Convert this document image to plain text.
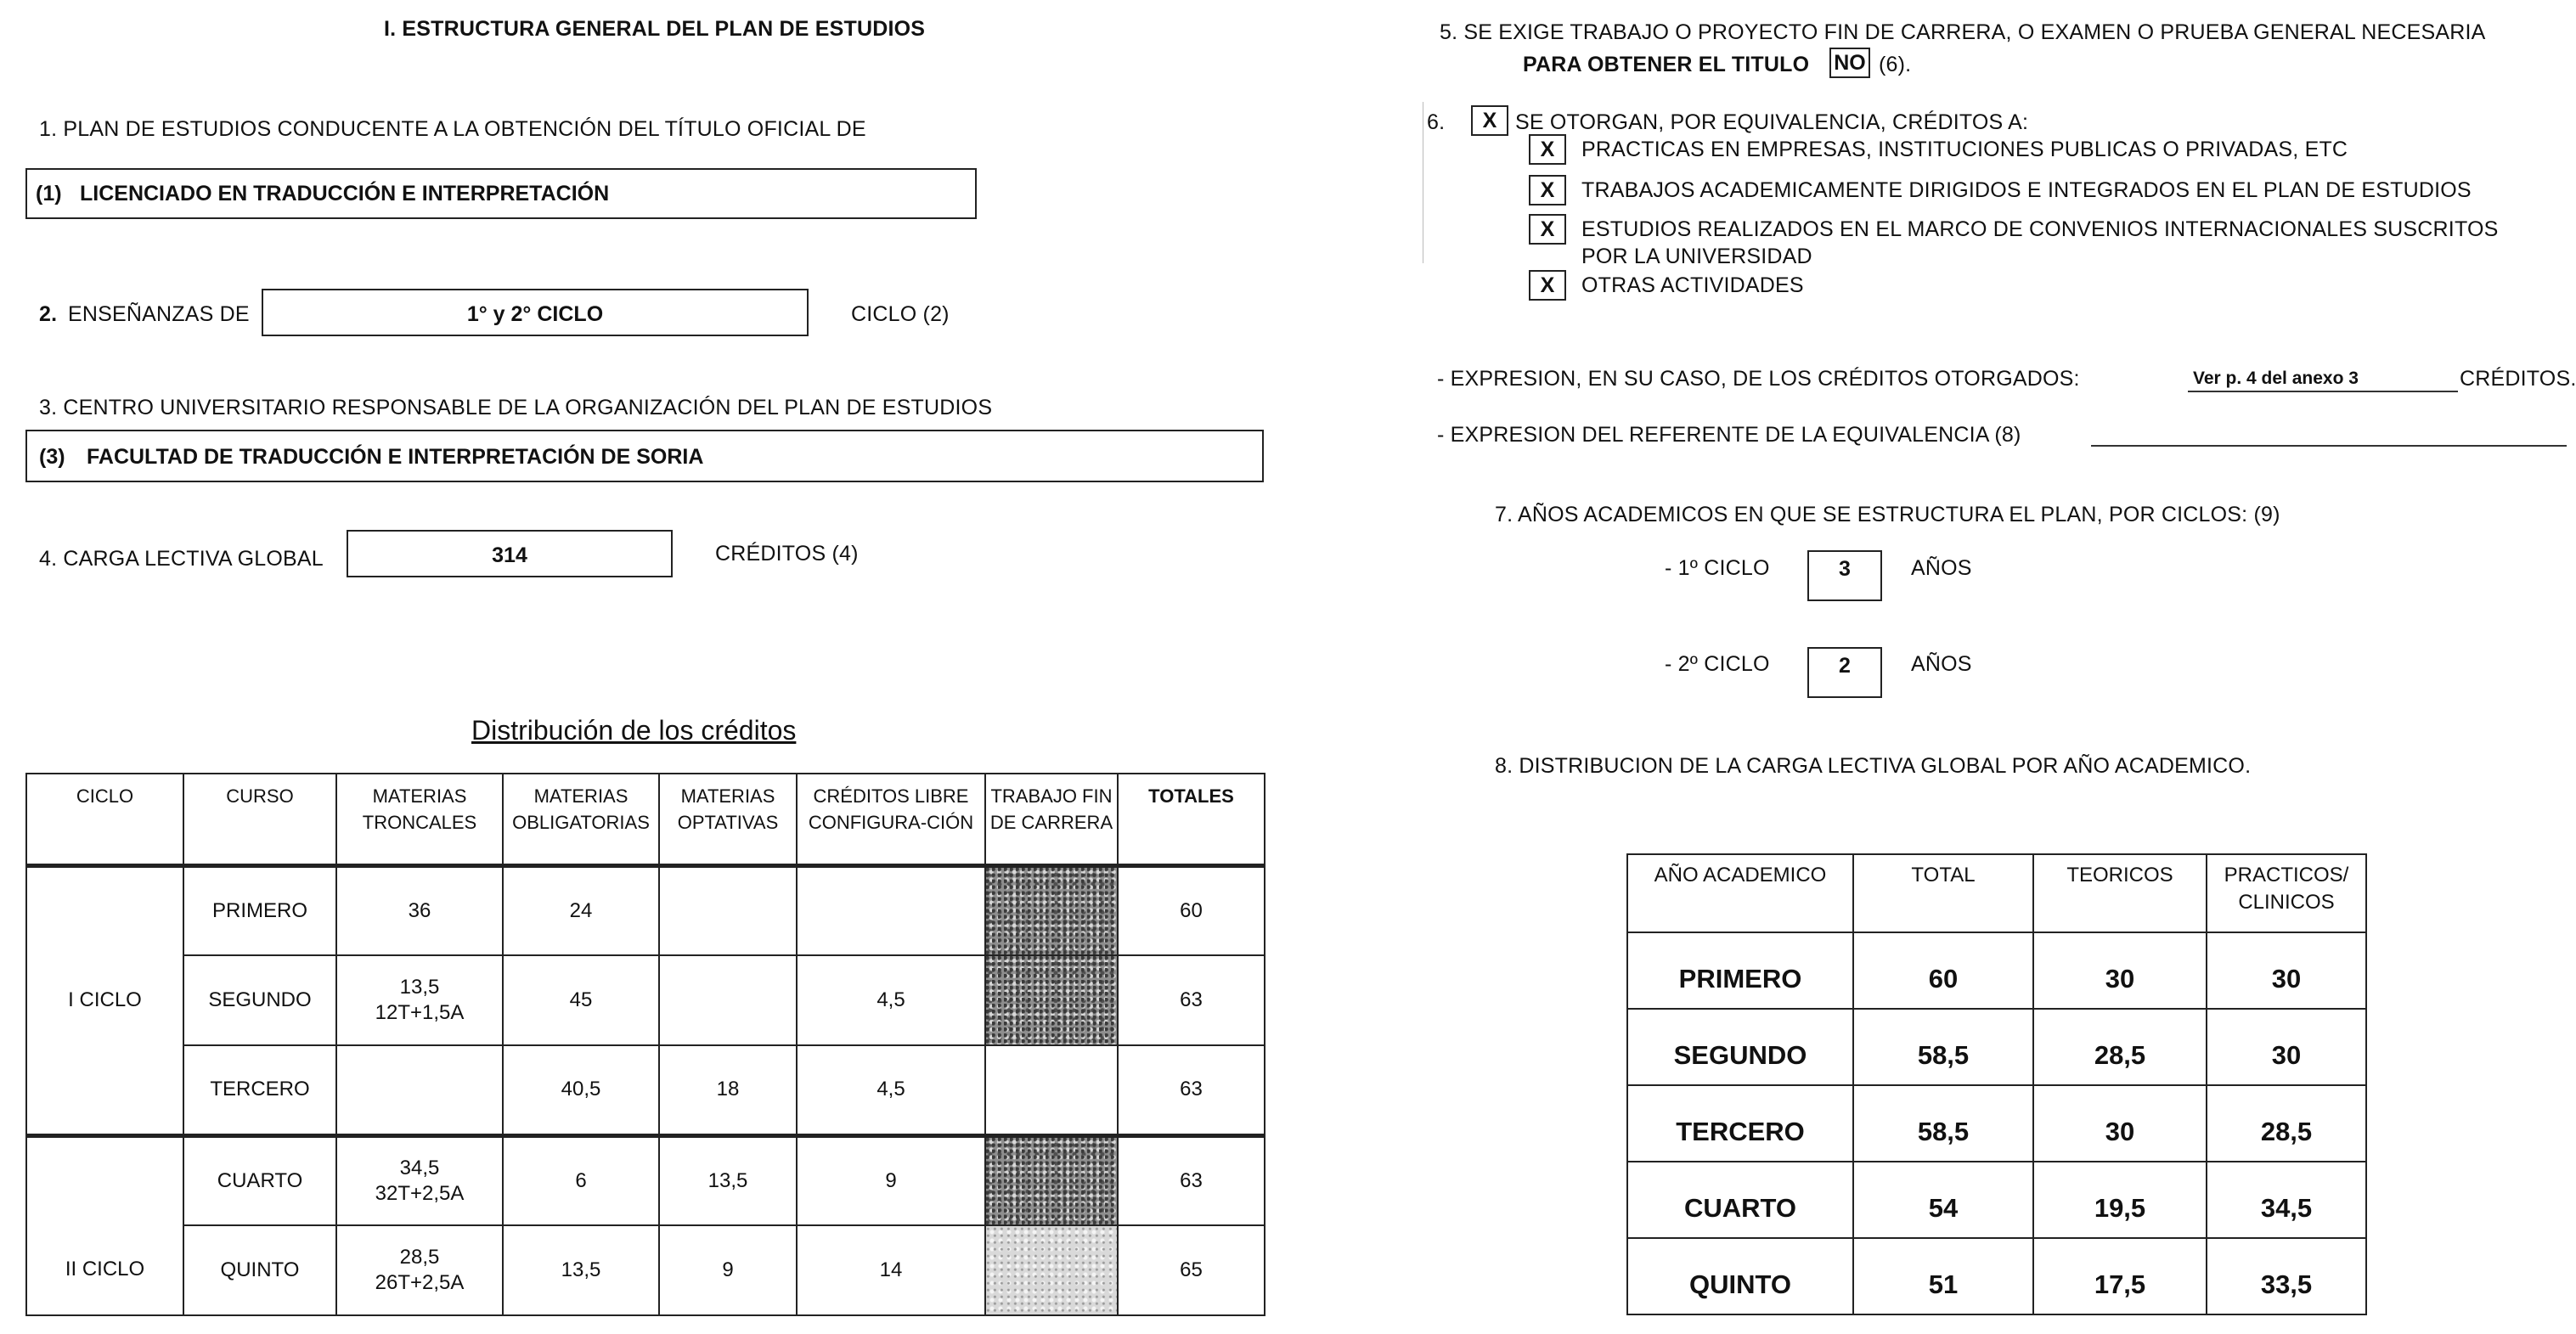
I. ESTRUCTURA GENERAL DEL PLAN DE ESTUDIOS
1. PLAN DE ESTUDIOS CONDUCENTE A LA OBTENCIÓN DEL TÍTULO OFICIAL DE
(1) LICENCIADO EN TRADUCCIÓN E INTERPRETACIÓN
2. ENSEÑANZAS DE	1° y 2° CICLO	CICLO (2)
3. CENTRO UNIVERSITARIO RESPONSABLE DE LA ORGANIZACIÓN DEL PLAN DE ESTUDIOS
(3) FACULTAD DE TRADUCCIÓN E INTERPRETACIÓN DE SORIA
4. CARGA LECTIVA GLOBAL	314	CRÉDITOS (4)
Distribución de los créditos
CICLO	CURSO	MATERIAS TRONCALES	MATERIAS OBLIGATORIAS	MATERIAS OPTATIVAS	CRÉDITOS LIBRE CONFIGURA-CIÓN	TRABAJO FIN DE CARRERA	TOTALES
I CICLO	PRIMERO	36	24				60
	SEGUNDO	13,5
12T+1,5A	45		4,5		63
	TERCERO		40,5	18	4,5		63
II CICLO	CUARTO	34,5
32T+2,5A	6	13,5	9		63
	QUINTO	28,5
26T+2,5A	13,5	9	14		65
5. SE EXIGE TRABAJO O PROYECTO FIN DE CARRERA, O EXAMEN O PRUEBA GENERAL NECESARIA
PARA OBTENER EL TITULO NO (6).
6.	X SE OTORGAN, POR EQUIVALENCIA, CRÉDITOS A:
X	PRACTICAS EN EMPRESAS, INSTITUCIONES PUBLICAS O PRIVADAS, ETC
X	TRABAJOS ACADEMICAMENTE DIRIGIDOS E INTEGRADOS EN EL PLAN DE ESTUDIOS
X	ESTUDIOS REALIZADOS EN EL MARCO DE CONVENIOS INTERNACIONALES SUSCRITOS
POR LA UNIVERSIDAD
X	OTRAS ACTIVIDADES
- EXPRESION, EN SU CASO, DE LOS CRÉDITOS OTORGADOS:	Ver p. 4 del anexo 3	CRÉDITOS.
- EXPRESION DEL REFERENTE DE LA EQUIVALENCIA (8)
7. AÑOS ACADEMICOS EN QUE SE ESTRUCTURA EL PLAN, POR CICLOS: (9)
- 1º CICLO	3	AÑOS
- 2º CICLO	2	AÑOS
8. DISTRIBUCION DE LA CARGA LECTIVA GLOBAL POR AÑO ACADEMICO.
AÑO ACADEMICO	TOTAL	TEORICOS	PRACTICOS/ CLINICOS
PRIMERO	60	30	30
SEGUNDO	58,5	28,5	30
TERCERO	58,5	30	28,5
CUARTO	54	19,5	34,5
QUINTO	51	17,5	33,5
